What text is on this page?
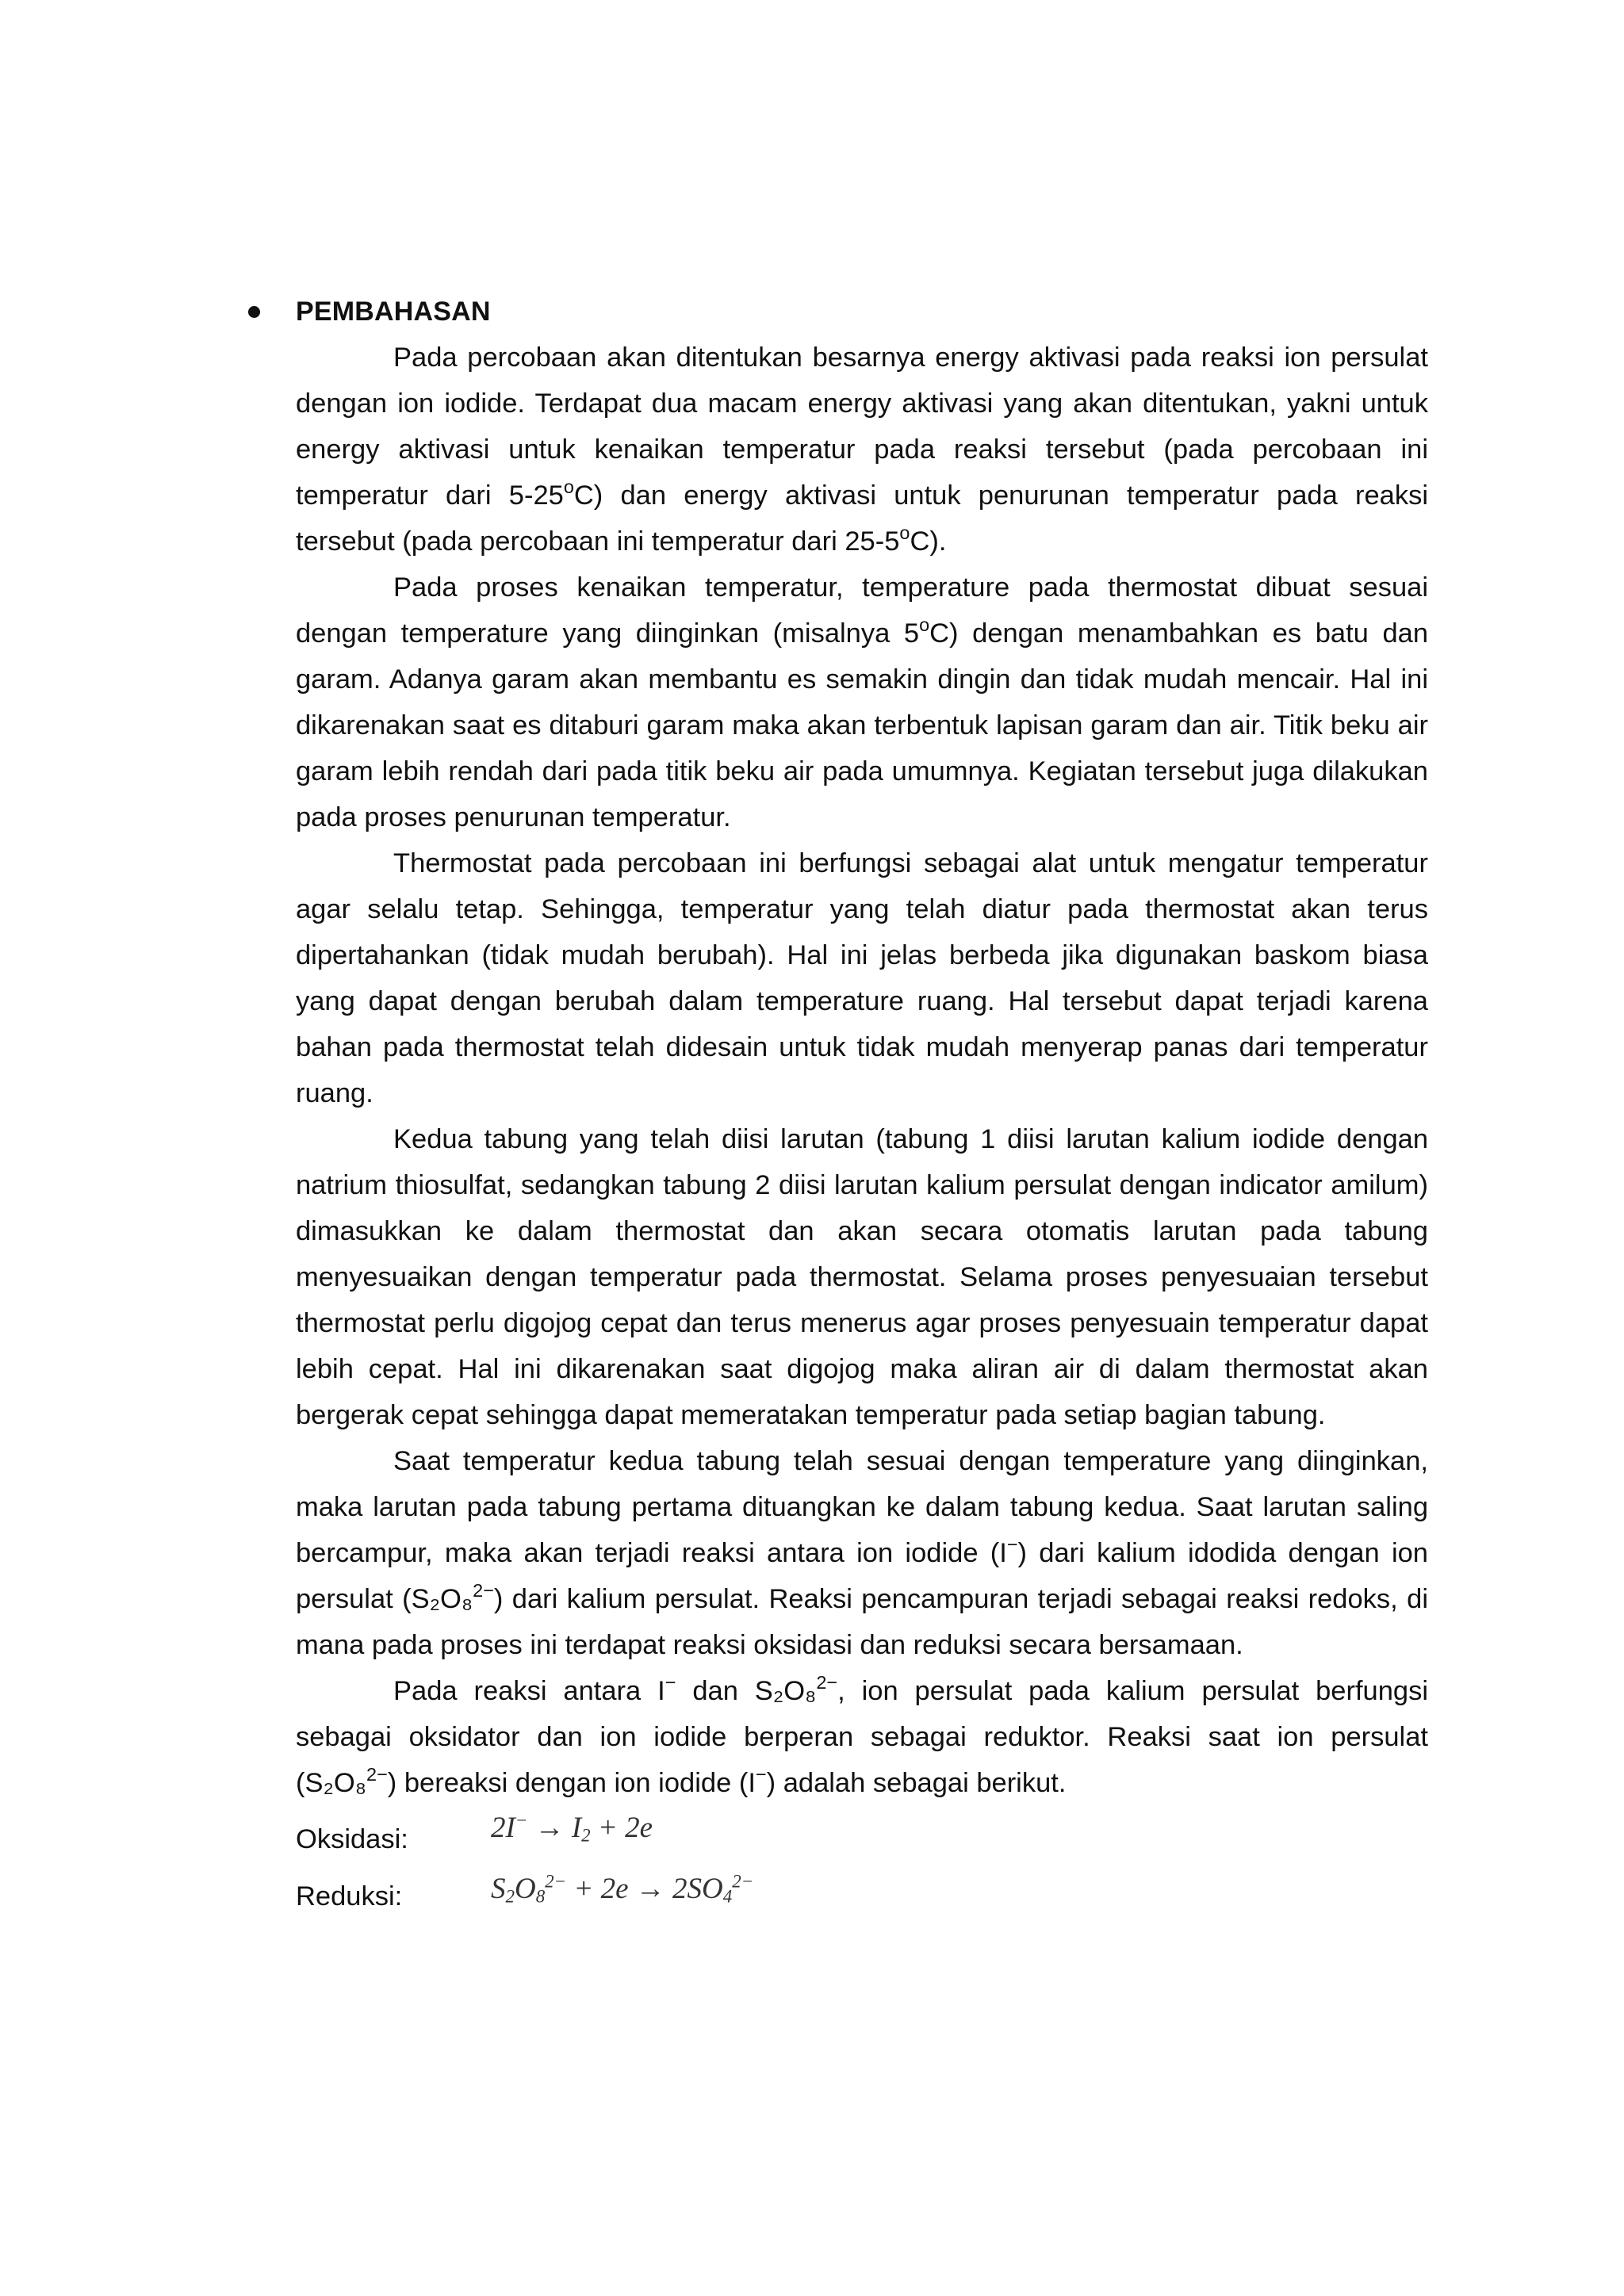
PEMBAHASAN

Pada percobaan akan ditentukan besarnya energy aktivasi pada reaksi ion persulat dengan ion iodide. Terdapat dua macam energy aktivasi yang akan ditentukan, yakni untuk energy aktivasi untuk kenaikan temperatur pada reaksi tersebut (pada percobaan ini temperatur dari 5-25$^o$C) dan energy aktivasi untuk penurunan temperatur pada reaksi tersebut (pada percobaan ini temperatur dari 25-5$^o$C).

Pada proses kenaikan temperatur, temperature pada thermostat dibuat sesuai dengan temperature yang diinginkan (misalnya 5$^o$C) dengan menambahkan es batu dan garam. Adanya garam akan membantu es semakin dingin dan tidak mudah mencair. Hal ini dikarenakan saat es ditaburi garam maka akan terbentuk lapisan garam dan air. Titik beku air garam lebih rendah dari pada titik beku air pada umumnya. Kegiatan tersebut juga dilakukan pada proses penurunan temperatur.

Thermostat pada percobaan ini berfungsi sebagai alat untuk mengatur temperatur agar selalu tetap. Sehingga, temperatur yang telah diatur pada thermostat akan terus dipertahankan (tidak mudah berubah). Hal ini jelas berbeda jika digunakan baskom biasa yang dapat dengan berubah dalam temperature ruang. Hal tersebut dapat terjadi karena bahan pada thermostat telah didesain untuk tidak mudah menyerap panas dari temperatur ruang.

Kedua tabung yang telah diisi larutan (tabung 1 diisi larutan kalium iodide dengan natrium thiosulfat, sedangkan tabung 2 diisi larutan kalium persulat dengan indicator amilum) dimasukkan ke dalam thermostat dan akan secara otomatis larutan pada tabung menyesuaikan dengan temperatur pada thermostat. Selama proses penyesuaian tersebut thermostat perlu digojog cepat dan terus menerus agar proses penyesuain temperatur dapat lebih cepat. Hal ini dikarenakan saat digojog maka aliran air di dalam thermostat akan bergerak cepat sehingga dapat memeratakan temperatur pada setiap bagian tabung.

Saat temperatur kedua tabung telah sesuai dengan temperature yang diinginkan, maka larutan pada tabung pertama dituangkan ke dalam tabung kedua. Saat larutan saling bercampur, maka akan terjadi reaksi antara ion iodide (I−) dari kalium idodida dengan ion persulat (S₂O₈$^{2-}$) dari kalium persulat. Reaksi pencampuran terjadi sebagai reaksi redoks, di mana pada proses ini terdapat reaksi oksidasi dan reduksi secara bersamaan.

Pada reaksi antara I− dan S₂O₈$^{2-}$, ion persulat pada kalium persulat berfungsi sebagai oksidator dan ion iodide berperan sebagai reduktor. Reaksi saat ion persulat (S₂O₈$^{2-}$) bereaksi dengan ion iodide (I−) adalah sebagai berikut.

Oksidasi:	$2I^- \to I_2 + 2e$
Reduksi:	$S_2O_8^{2-} + 2e \to 2SO_4^{2-}$
